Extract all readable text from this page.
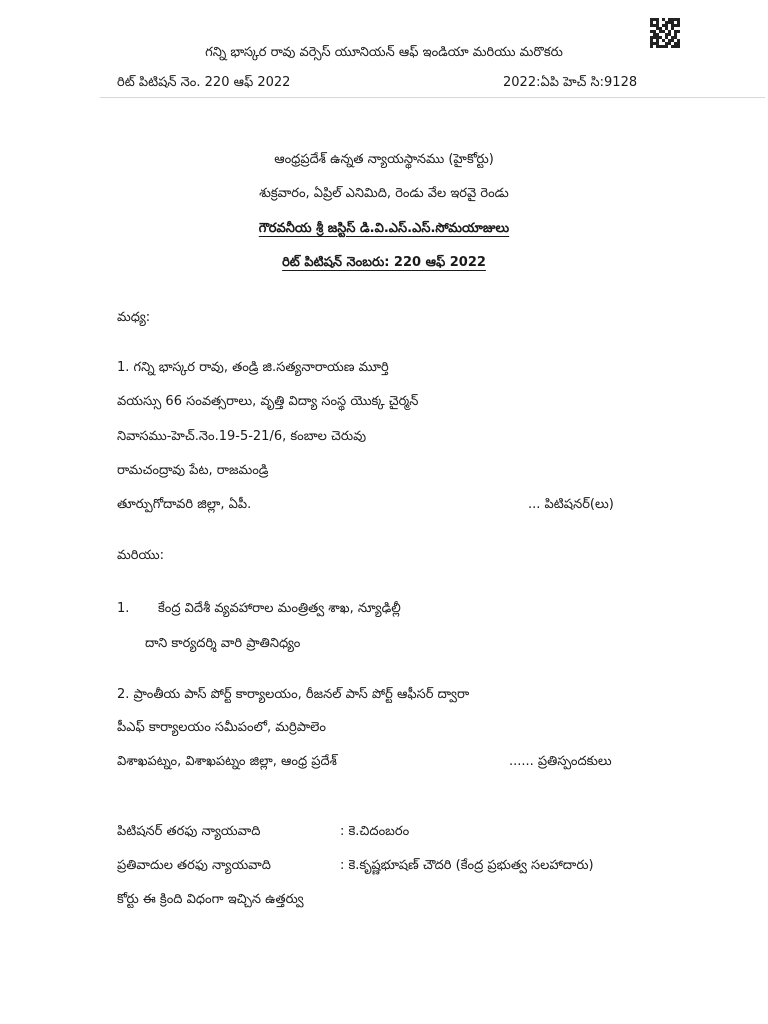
గన్ని భాస్కర రావు వర్సెస్ యూనియన్ ఆఫ్ ఇండియా మరియు మరొకరు
రిట్ పిటిషన్ నెం. 220 ఆఫ్ 2022	2022:ఏపి హెచ్ సి:9128
ఆంధ్రప్రదేశ్ ఉన్నత న్యాయస్థానము (హైకోర్టు)
శుక్రవారం, ఏప్రిల్ ఎనిమిది, రెండు వేల ఇరవై రెండు
గౌరవనీయ శ్రీ జస్టిస్ డి.వి.ఎస్.ఎస్.సోమయాజులు
రిట్ పిటిషన్ నెంబరు: 220 ఆఫ్ 2022
మధ్య:
1. గన్ని భాస్కర రావు, తండ్రి జి.సత్యనారాయణ మూర్తి
వయస్సు 66 సంవత్సరాలు, వృత్తి విద్యా సంస్థ యొక్క చైర్మన్
నివాసము-హెచ్.నెం.19-5-21/6, కంబాల చెరువు
రామచంద్రావు పేట, రాజమండ్రి
తూర్పుగోదావరి జిల్లా, ఏపీ.	... పిటిషనర్(లు)
మరియు:
1. కేంద్ర విదేశీ వ్యవహారాల మంత్రిత్వ శాఖ, న్యూఢిల్లీ
దాని కార్యదర్శి వారి ప్రాతినిధ్యం
2. ప్రాంతీయ పాస్ పోర్ట్ కార్యాలయం, రీజనల్ పాస్ పోర్ట్ ఆఫీసర్ ద్వారా
పీఎఫ్ కార్యాలయం సమీపంలో, మర్రిపాలెం
విశాఖపట్నం, విశాఖపట్నం జిల్లా, ఆంధ్ర ప్రదేశ్	...... ప్రతిస్పందకులు
పిటిషనర్ తరఫు న్యాయవాది	: కె.చిదంబరం
ప్రతివాదుల తరఫు న్యాయవాది	: కె.కృష్ణభూషణ్ చౌదరి (కేంద్ర ప్రభుత్వ సలహాదారు)
కోర్టు ఈ క్రింది విధంగా ఇచ్చిన ఉత్తర్వు
